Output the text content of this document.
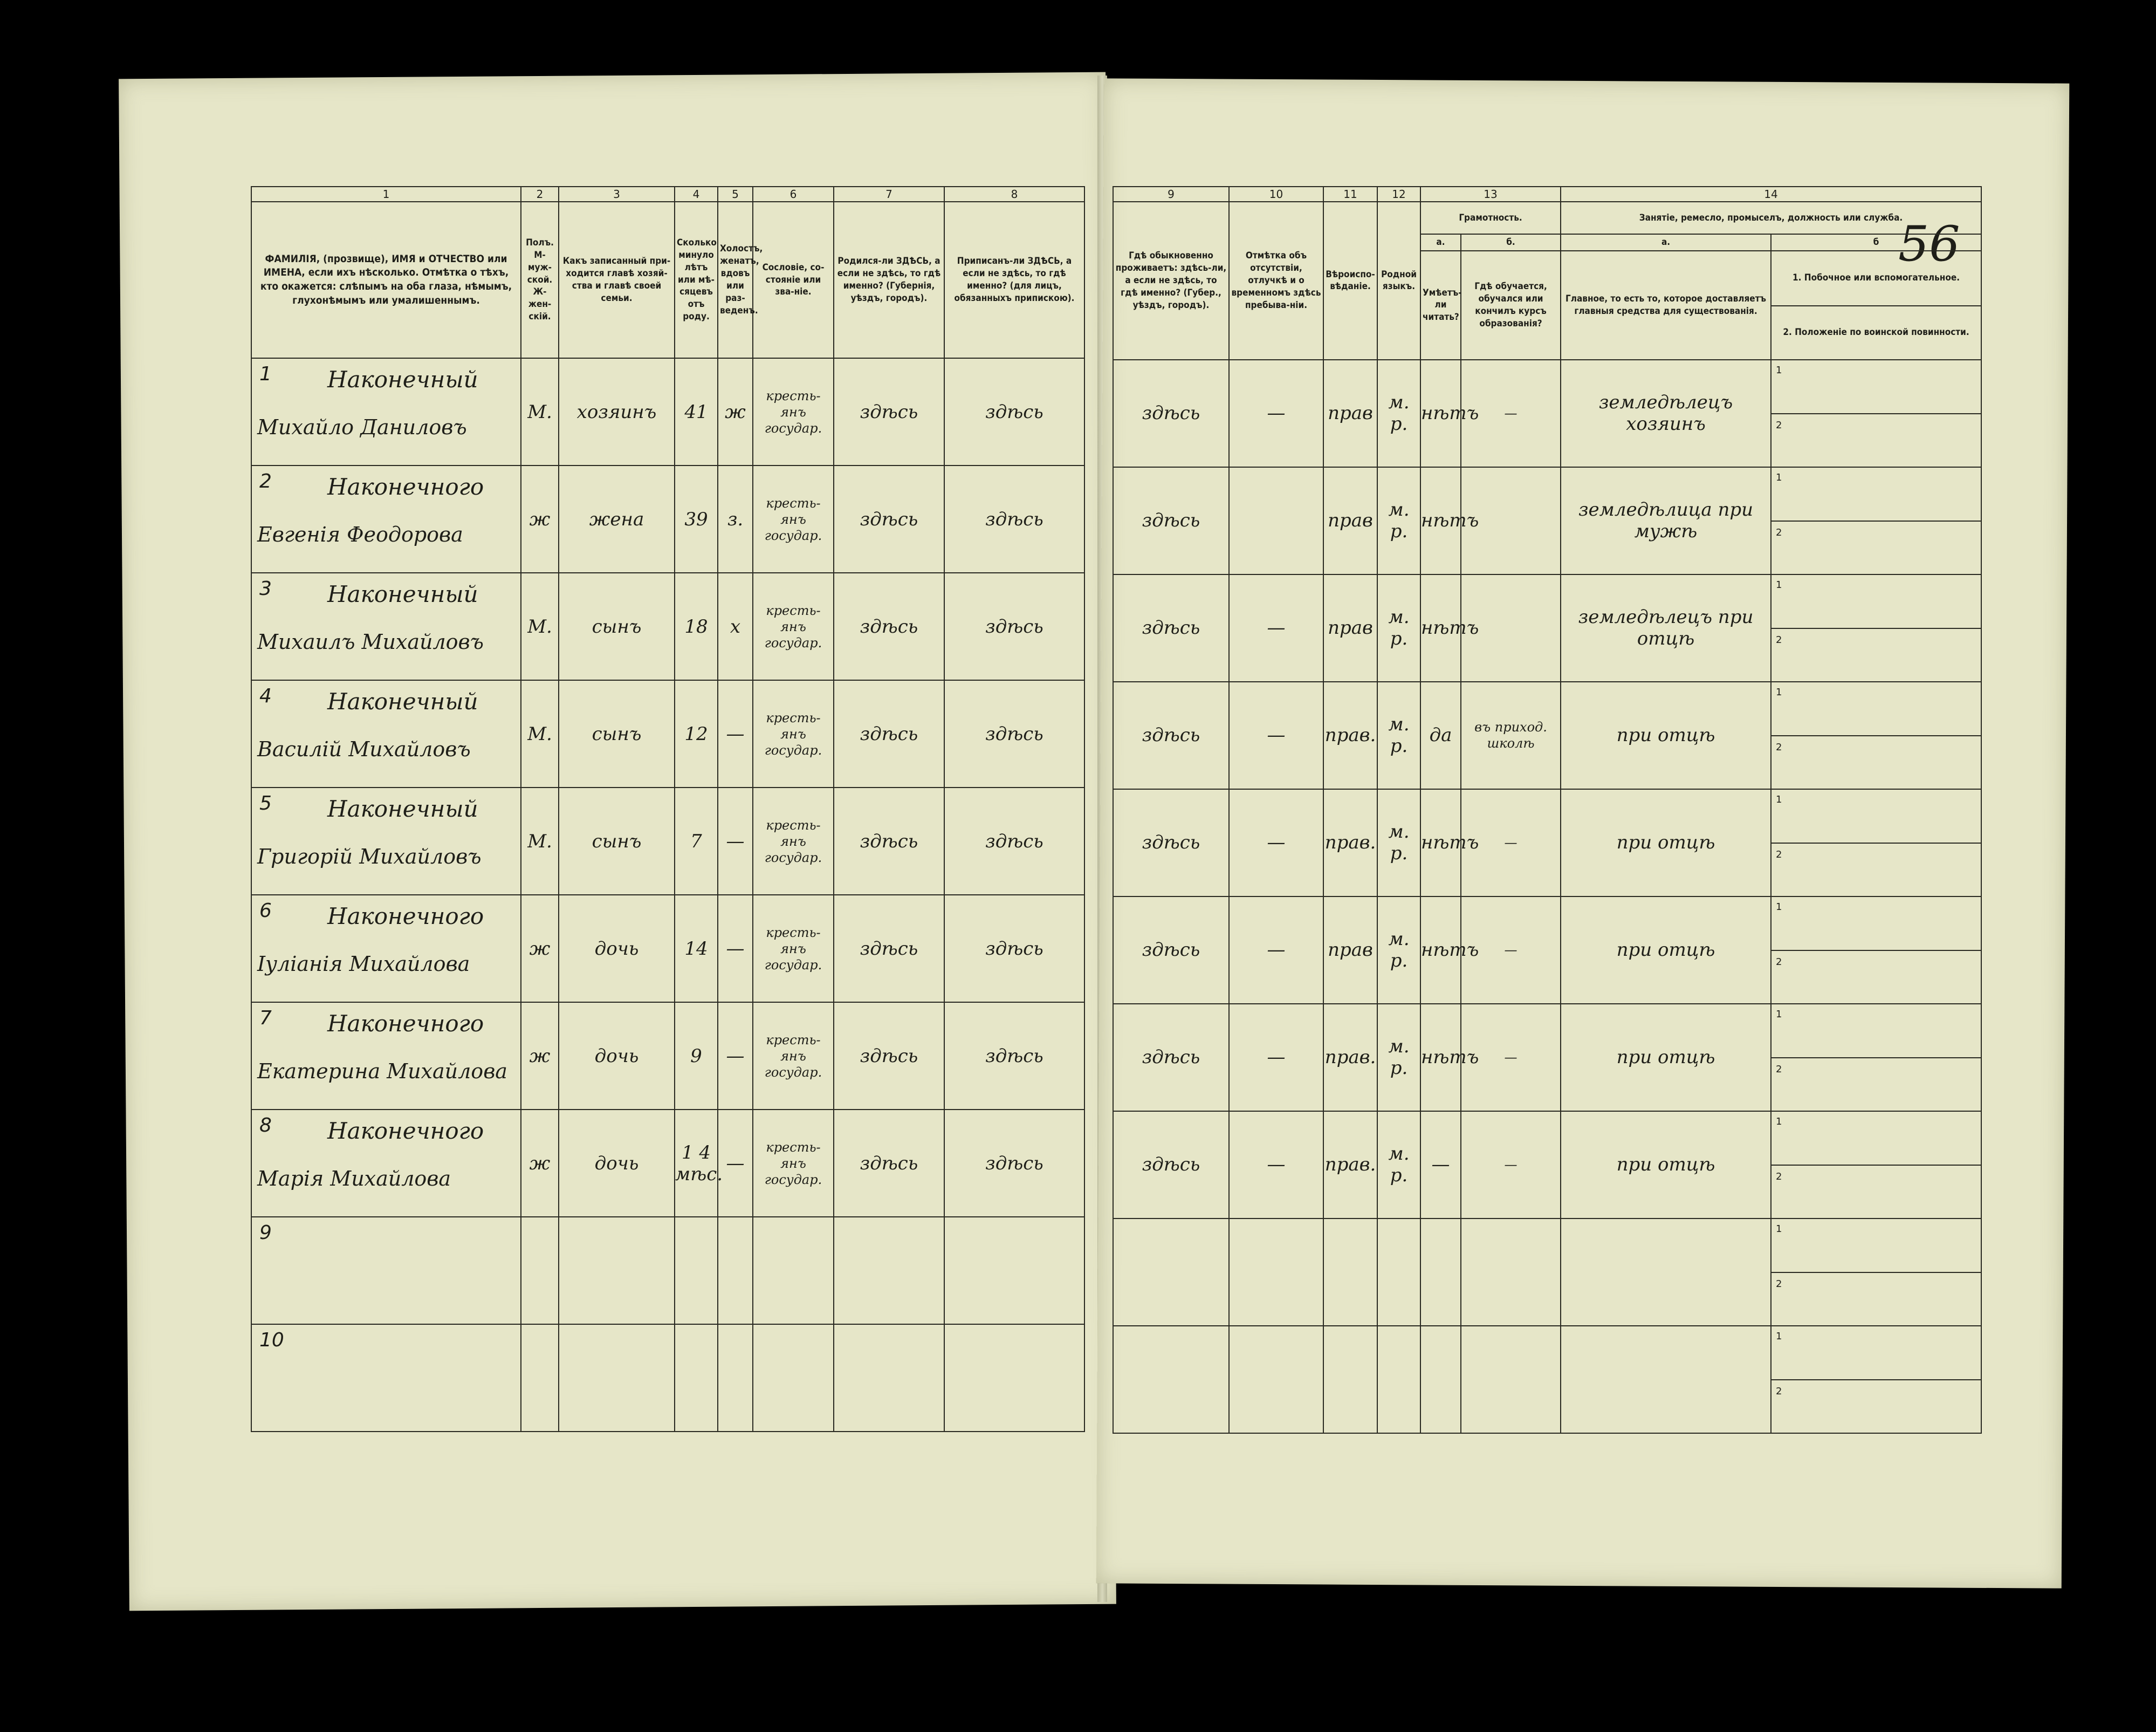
56
1	2	3	4	5	6	7	8
ФАМИЛІЯ, (прозвище), ИМЯ и ОТЧЕСТВО или ИМЕНА, если ихъ нѣсколько. Отмѣтка о тѣхъ, кто окажется: слѣпымъ на оба глаза, нѣмымъ, глухонѣмымъ или умалишеннымъ.	Полъ. М-муж-ской. Ж-жен-скій.	Какъ записанный при-ходится главѣ хозяй-ства и главѣ своей семьи.	Сколько минуло лѣтъ или мѣ-сяцевъ отъ роду.	Холостъ, женатъ, вдовъ или раз-веденъ.	Сословіе, со-стояніе или зва-ніе.	Родился-ли ЗДѢСЬ, а если не здѣсь, то гдѣ именно? (Губернія, уѣздъ, городъ).	Приписанъ-ли ЗДѢСЬ, а если не здѣсь, то гдѣ именно? (для лицъ, обязанныхъ припискою).

1 Наконечный
Михайло Даниловъ	М.	хозяинъ	41	ж	кресть-янъ государ.	здѣсь	здѣсь

2 Наконечного
Евгенія Феодорова	ж	жена	39	з.	кресть-янъ государ.	здѣсь	здѣсь

3 Наконечный
Михаилъ Михайловъ	М.	сынъ	18	х	кресть-янъ государ.	здѣсь	здѣсь

4 Наконечный
Василій Михайловъ	М.	сынъ	12	—	кресть-янъ государ.	здѣсь	здѣсь

5 Наконечный
Григорій Михайловъ	М.	сынъ	7	—	кресть-янъ государ.	здѣсь	здѣсь

6 Наконечного
Іуліанія Михайлова	ж	дочь	14	—	кресть-янъ государ.	здѣсь	здѣсь

7 Наконечного
Екатерина Михайлова	ж	дочь	9	—	кресть-янъ государ.	здѣсь	здѣсь

8 Наконечного
Марія Михайлова	ж	дочь	1 4 мѣс.	—	кресть-янъ государ.	здѣсь	здѣсь

9							

10							

9	10	11	12	13		14	
Гдѣ обыкновенно проживаетъ: здѣсь-ли, а если не здѣсь, то гдѣ именно? (Губер., уѣздъ, городъ).	Отмѣтка объ отсутствіи, отлучкѣ и о временномъ здѣсь пребыва-ніи.	Вѣроиспо-вѣданіе.	Родной языкъ.	Грамотность.		Занятіе, ремесло, промыселъ, должность или служба.	
				а.	б.	а.	б
				Умѣетъ-ли читать?	Гдѣ обучается, обучался или кончилъ курсъ образованія?	Главное, то есть то, которое доставляетъ главныя средства для существованія.	1. Побочное или вспомогательное.
2. Положеніе по воинской повинности.

здѣсь	—	прав	м. р.	нѣтъ	—	земледѣлецъ хозяинъ	1
2

здѣсь		прав	м. р.	нѣтъ		земледѣлица при мужѣ	1
2

здѣсь	—	прав	м. р.	нѣтъ		земледѣлецъ при отцѣ	1
2

здѣсь	—	прав.	м. р.	да	въ приход. школѣ	при отцѣ	1
2

здѣсь	—	прав.	м. р.	нѣтъ	—	при отцѣ	1
2

здѣсь	—	прав	м. р.	нѣтъ	—	при отцѣ	1
2

здѣсь	—	прав.	м. р.	нѣтъ	—	при отцѣ	1
2

здѣсь	—	прав.	м. р.	—	—	при отцѣ	1
2

							1
2

							1
2
